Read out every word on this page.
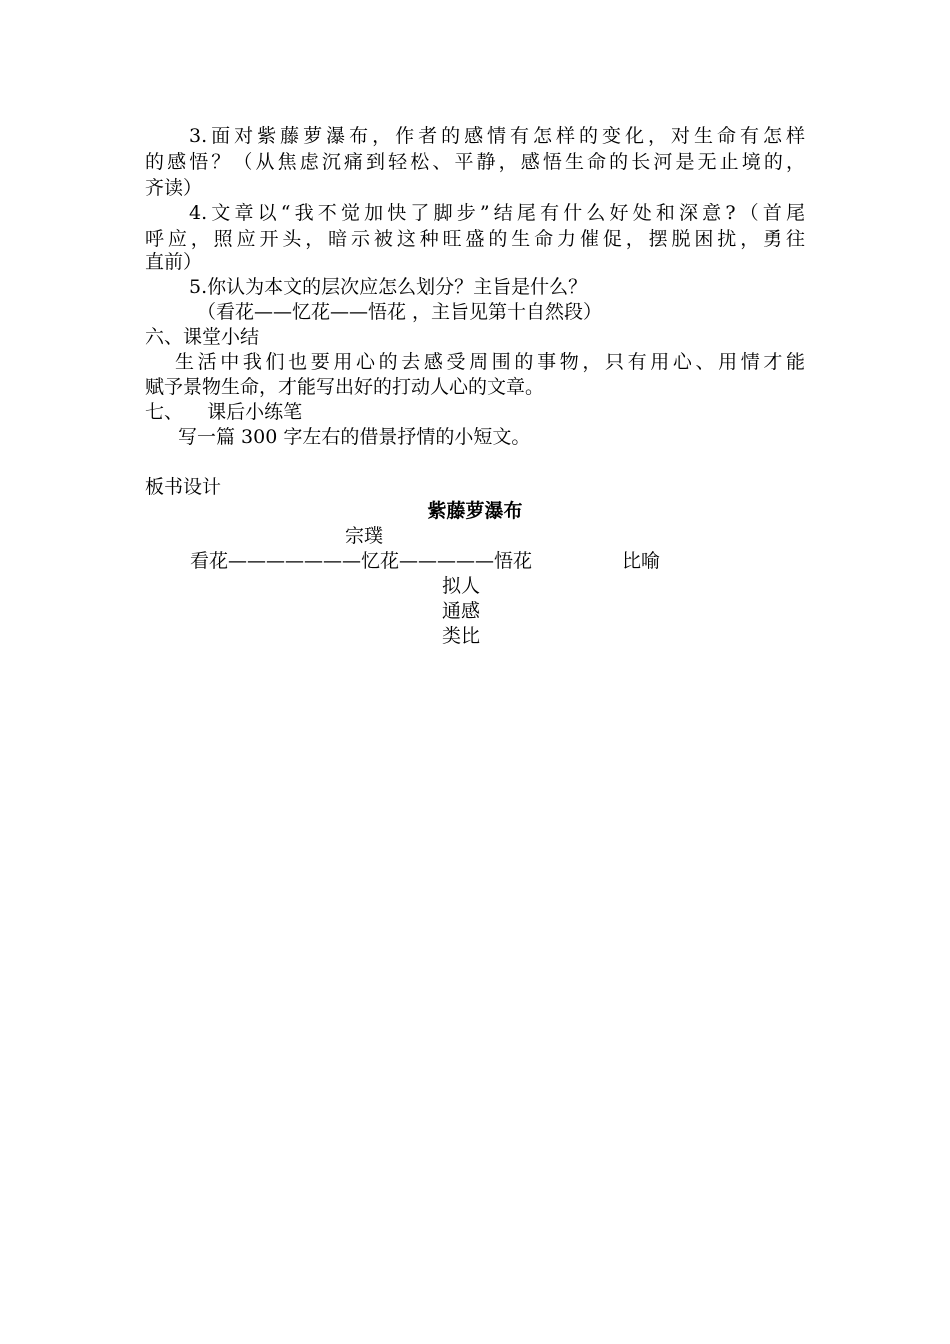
3.面对紫藤萝瀑布，作者的感情有怎样的变化，对生命有怎样
的感悟？（从焦虑沉痛到轻松、平静，感悟生命的长河是无止境的，
齐读）
4.文章以“我不觉加快了脚步”结尾有什么好处和深意?（首尾
呼应，照应开头，暗示被这种旺盛的生命力催促，摆脱困扰，勇往
直前）
5.你认为本文的层次应怎么划分？主旨是什么？
（看花——忆花——悟花 ，主旨见第十自然段）
六、课堂小结
生活中我们也要用心的去感受周围的事物，只有用心、用情才能
赋予景物生命，才能写出好的打动人心的文章。
七、    课后小练笔
写一篇 300 字左右的借景抒情的小短文。
板书设计
紫藤萝瀑布
宗璞
看花———————忆花—————悟花	比喻
拟人
通感
类比
